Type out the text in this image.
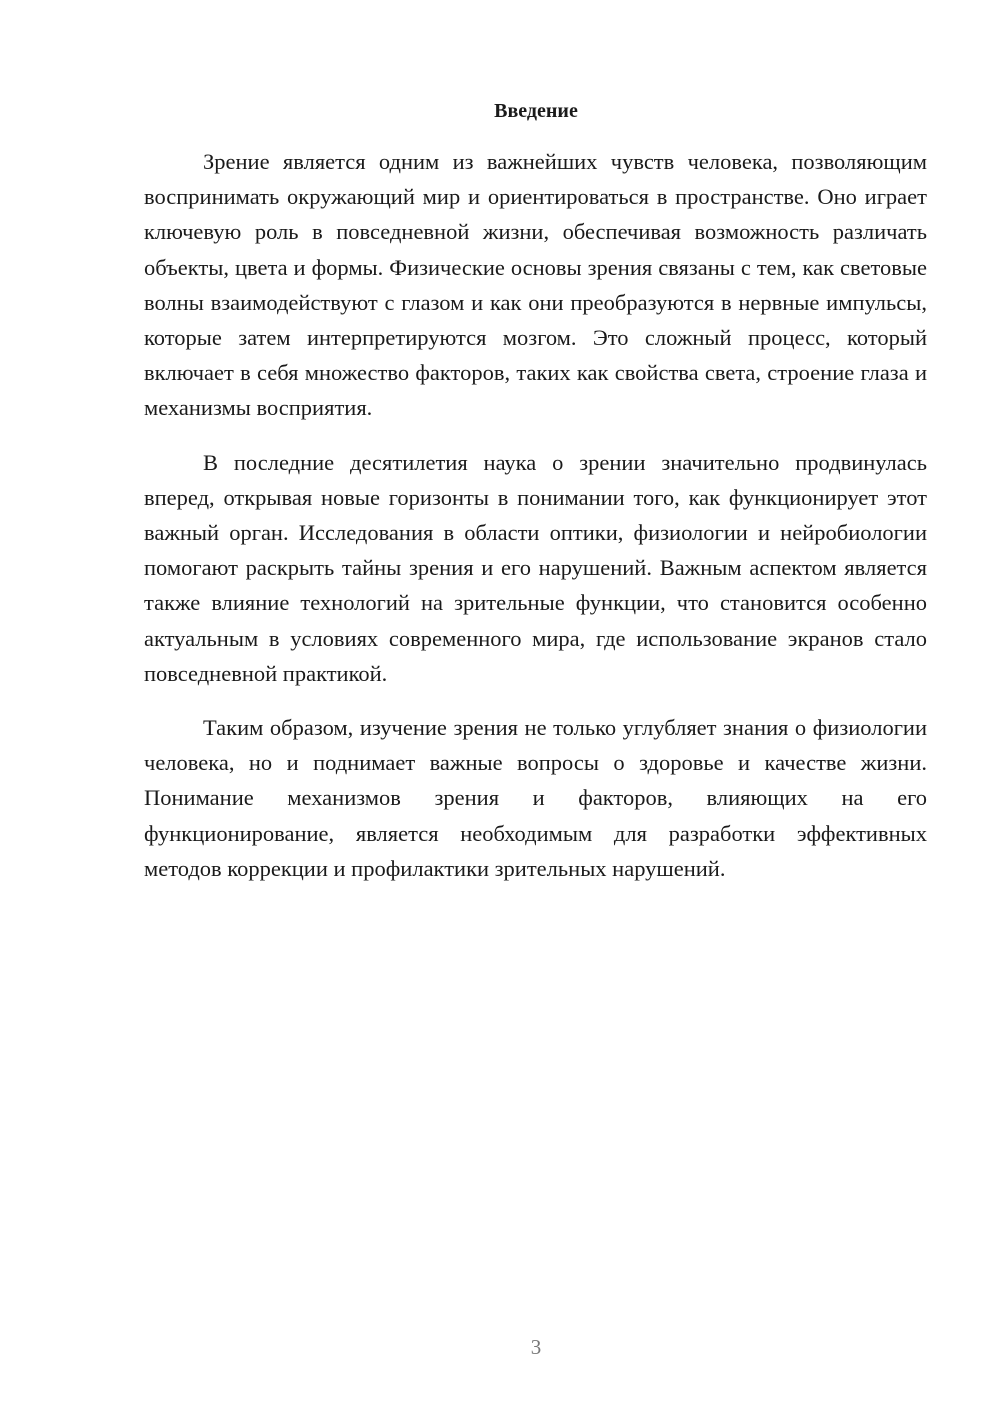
Введение

Зрение является одним из важнейших чувств человека, позволяющим воспринимать окружающий мир и ориентироваться в пространстве. Оно играет ключевую роль в повседневной жизни, обеспечивая возможность различать объекты, цвета и формы. Физические основы зрения связаны с тем, как световые волны взаимодействуют с глазом и как они преобразуются в нервные импульсы, которые затем интерпретируются мозгом. Это сложный процесс, который включает в себя множество факторов, таких как свойства света, строение глаза и механизмы восприятия.

В последние десятилетия наука о зрении значительно продвинулась вперед, открывая новые горизонты в понимании того, как функционирует этот важный орган. Исследования в области оптики, физиологии и нейробиологии помогают раскрыть тайны зрения и его нарушений. Важным аспектом является также влияние технологий на зрительные функции, что становится особенно актуальным в условиях современного мира, где использование экранов стало повседневной практикой.

Таким образом, изучение зрения не только углубляет знания о физиологии человека, но и поднимает важные вопросы о здоровье и качестве жизни. Понимание механизмов зрения и факторов, влияющих на его функционирование, является необходимым для разработки эффективных методов коррекции и профилактики зрительных нарушений.

3
